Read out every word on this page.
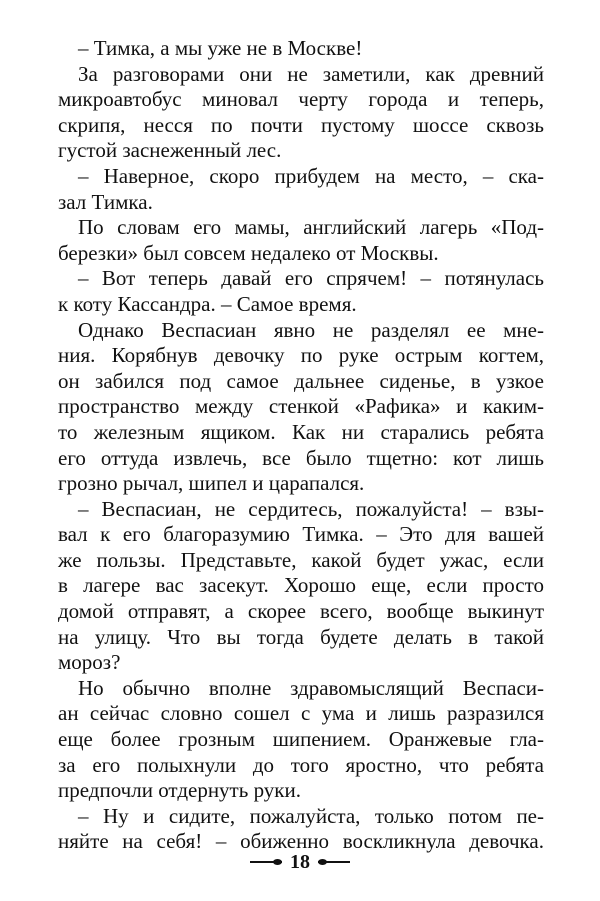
– Тимка, а мы уже не в Москве!
За разговорами они не заметили, как древний
микроавтобус миновал черту города и теперь,
скрипя, несся по почти пустому шоссе сквозь
густой заснеженный лес.
– Наверное, скоро прибудем на место, – ска-
зал Тимка.
По словам его мамы, английский лагерь «Под-
березки» был совсем недалеко от Москвы.
– Вот теперь давай его спрячем! – потянулась
к коту Кассандра. – Самое время.
Однако Веспасиан явно не разделял ее мне-
ния. Корябнув девочку по руке острым когтем,
он забился под самое дальнее сиденье, в узкое
пространство между стенкой «Рафика» и каким-
то железным ящиком. Как ни старались ребята
его оттуда извлечь, все было тщетно: кот лишь
грозно рычал, шипел и царапался.
– Веспасиан, не сердитесь, пожалуйста! – взы-
вал к его благоразумию Тимка. – Это для вашей
же пользы. Представьте, какой будет ужас, если
в лагере вас засекут. Хорошо еще, если просто
домой отправят, а скорее всего, вообще выкинут
на улицу. Что вы тогда будете делать в такой
мороз?
Но обычно вполне здравомыслящий Веспаси-
ан сейчас словно сошел с ума и лишь разразился
еще более грозным шипением. Оранжевые гла-
за его полыхнули до того яростно, что ребята
предпочли отдернуть руки.
– Ну и сидите, пожалуйста, только потом пе-
няйте на себя! – обиженно воскликнула девочка.
18
